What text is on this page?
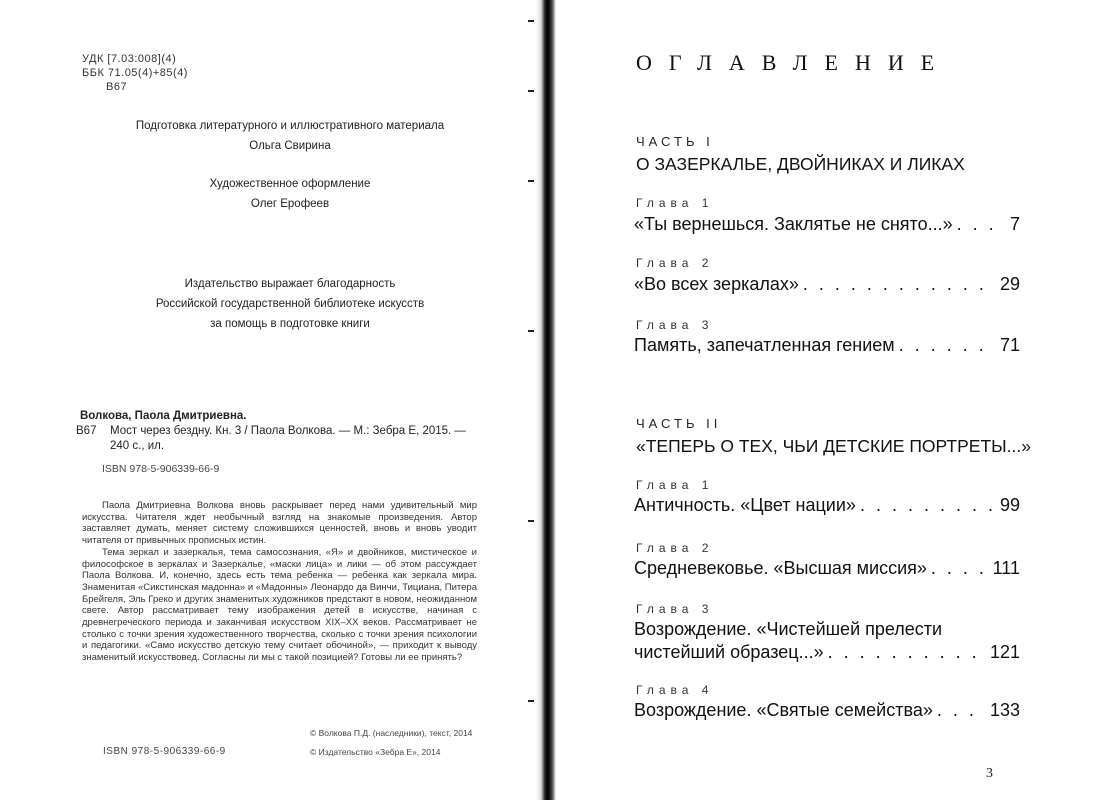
УДК [7.03:008](4)
ББК 71.05(4)+85(4)
В67
Подготовка литературного и иллюстративного материала
Ольга Свирина
Художественное оформление
Олег Ерофеев
Издательство выражает благодарность
Российской государственной библиотеке искусств
за помощь в подготовке книги
Волкова, Паола Дмитриевна.
В67	Мост через бездну. Кн. 3 / Паола Волкова. — М.: Зебра Е, 2015. —
240 с., ил.
ISBN 978-5-906339-66-9

Паола Дмитриевна Волкова вновь раскрывает перед нами удивительный мир искусства. Читателя ждет необычный взгляд на знакомые произведения. Автор заставляет думать, меняет систему сложившихся ценностей, вновь и вновь уводит читателя от привычных прописных истин.

Тема зеркал и зазеркалья, тема самосознания, «Я» и двойников, мистическое и философское в зеркалах и Зазеркалье, «маски лица» и лики — об этом рассуждает Паола Волкова. И, конечно, здесь есть тема ребенка — ребенка как зеркала мира. Знаменитая «Сикстинская мадонна» и «Мадонны» Леонардо да Винчи, Тициана, Питера Брейгеля, Эль Греко и других знаменитых художников предстают в новом, неожиданном свете. Автор рассматривает тему изображения детей в искусстве, начиная с древнегреческого периода и заканчивая искусством XIX–XX веков. Рассматривает не столько с точки зрения художественного творчества, сколько с точки зрения психологии и педагогики. «Само искусство детскую тему считает обочиной», — приходит к выводу знаменитый искусствовед. Согласны ли мы с такой позицией? Готовы ли ее принять?

© Волкова П.Д. (наследники), текст, 2014
© Издательство «Зебра Е», 2014
ISBN 978-5-906339-66-9
ОГЛАВЛЕНИЕ
ЧАСТЬ I
О ЗАЗЕРКАЛЬЕ, ДВОЙНИКАХ И ЛИКАХ
Глава 1
«Ты вернешься. Заклятье не снято...» . . .	7
Глава 2
«Во всех зеркалах» . . .	29
Глава 3
Память, запечатленная гением . . .	71
ЧАСТЬ II
«ТЕПЕРЬ О ТЕХ, ЧЬИ ДЕТСКИЕ ПОРТРЕТЫ...»
Глава 1
Античность. «Цвет нации» . . .	99
Глава 2
Средневековье. «Высшая миссия» . . .	111
Глава 3
Возрождение. «Чистейшей прелести
чистейший образец...» . . .	121
Глава 4
Возрождение. «Святые семейства» . . .	133
3
